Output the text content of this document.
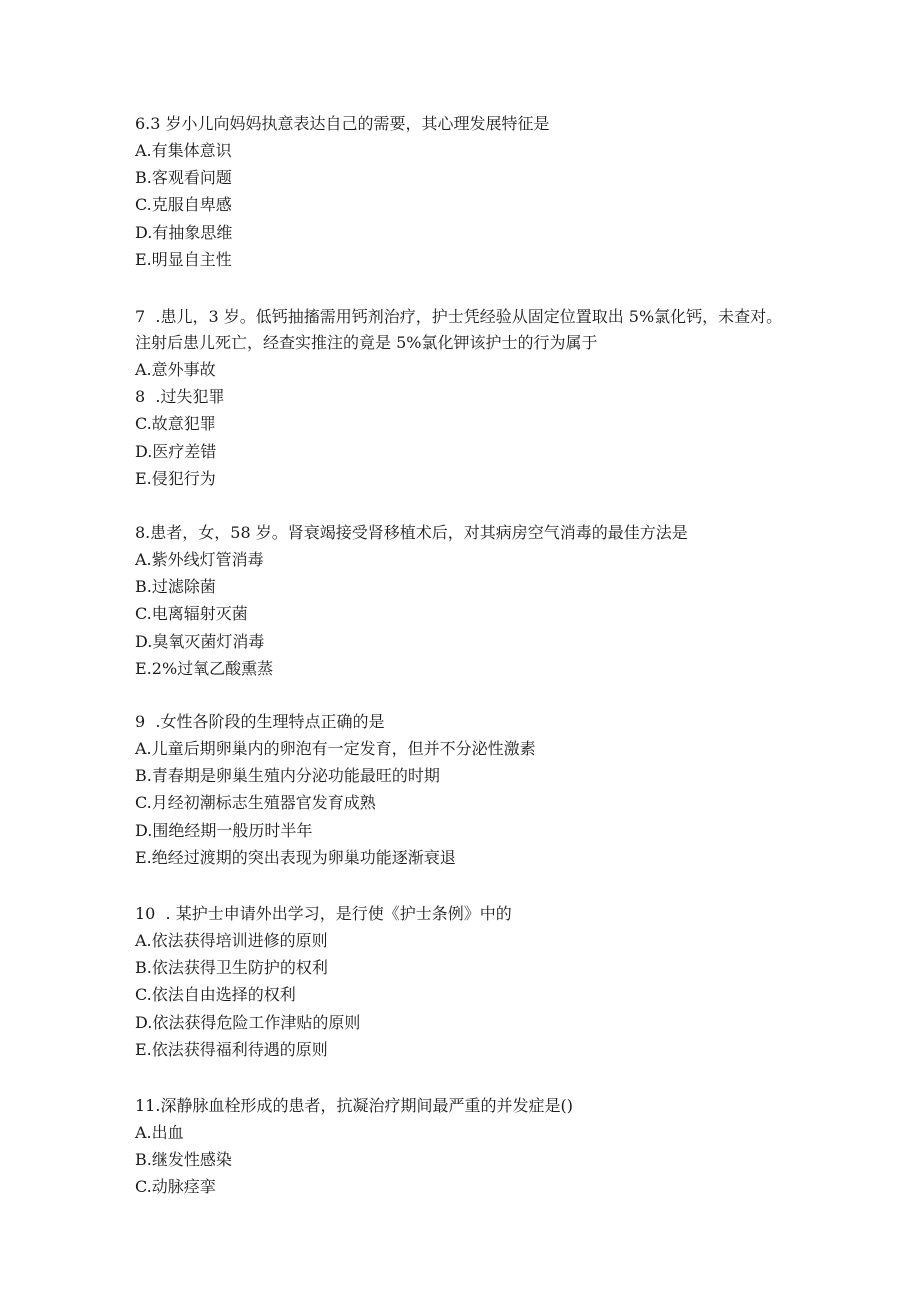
6.3 岁小儿向妈妈执意表达自己的需要，其心理发展特征是

A.有集体意识
B.客观看问题
C.克服自卑感
D.有抽象思维
E.明显自主性

7  .患儿，3 岁。低钙抽搐需用钙剂治疗，护士凭经验从固定位置取出 5%氯化钙，未查对。注射后患儿死亡，经查实推注的竟是 5%氯化钾该护士的行为属于

A.意外事故
8  .过失犯罪
C.故意犯罪
D.医疗差错
E.侵犯行为

8.患者，女，58 岁。肾衰竭接受肾移植术后，对其病房空气消毒的最佳方法是

A.紫外线灯管消毒
B.过滤除菌
C.电离辐射灭菌
D.臭氧灭菌灯消毒
E.2%过氧乙酸熏蒸

9  .女性各阶段的生理特点正确的是

A.儿童后期卵巢内的卵泡有一定发育，但并不分泌性激素
B.青春期是卵巢生殖内分泌功能最旺的时期
C.月经初潮标志生殖器官发育成熟
D.围绝经期一般历时半年
E.绝经过渡期的突出表现为卵巢功能逐渐衰退

10  . 某护士申请外出学习，是行使《护士条例》中的

A.依法获得培训进修的原则
B.依法获得卫生防护的权利
C.依法自由选择的权利
D.依法获得危险工作津贴的原则
E.依法获得福利待遇的原则

11.深静脉血栓形成的患者，抗凝治疗期间最严重的并发症是()

A.出血
B.继发性感染
C.动脉痉挛
